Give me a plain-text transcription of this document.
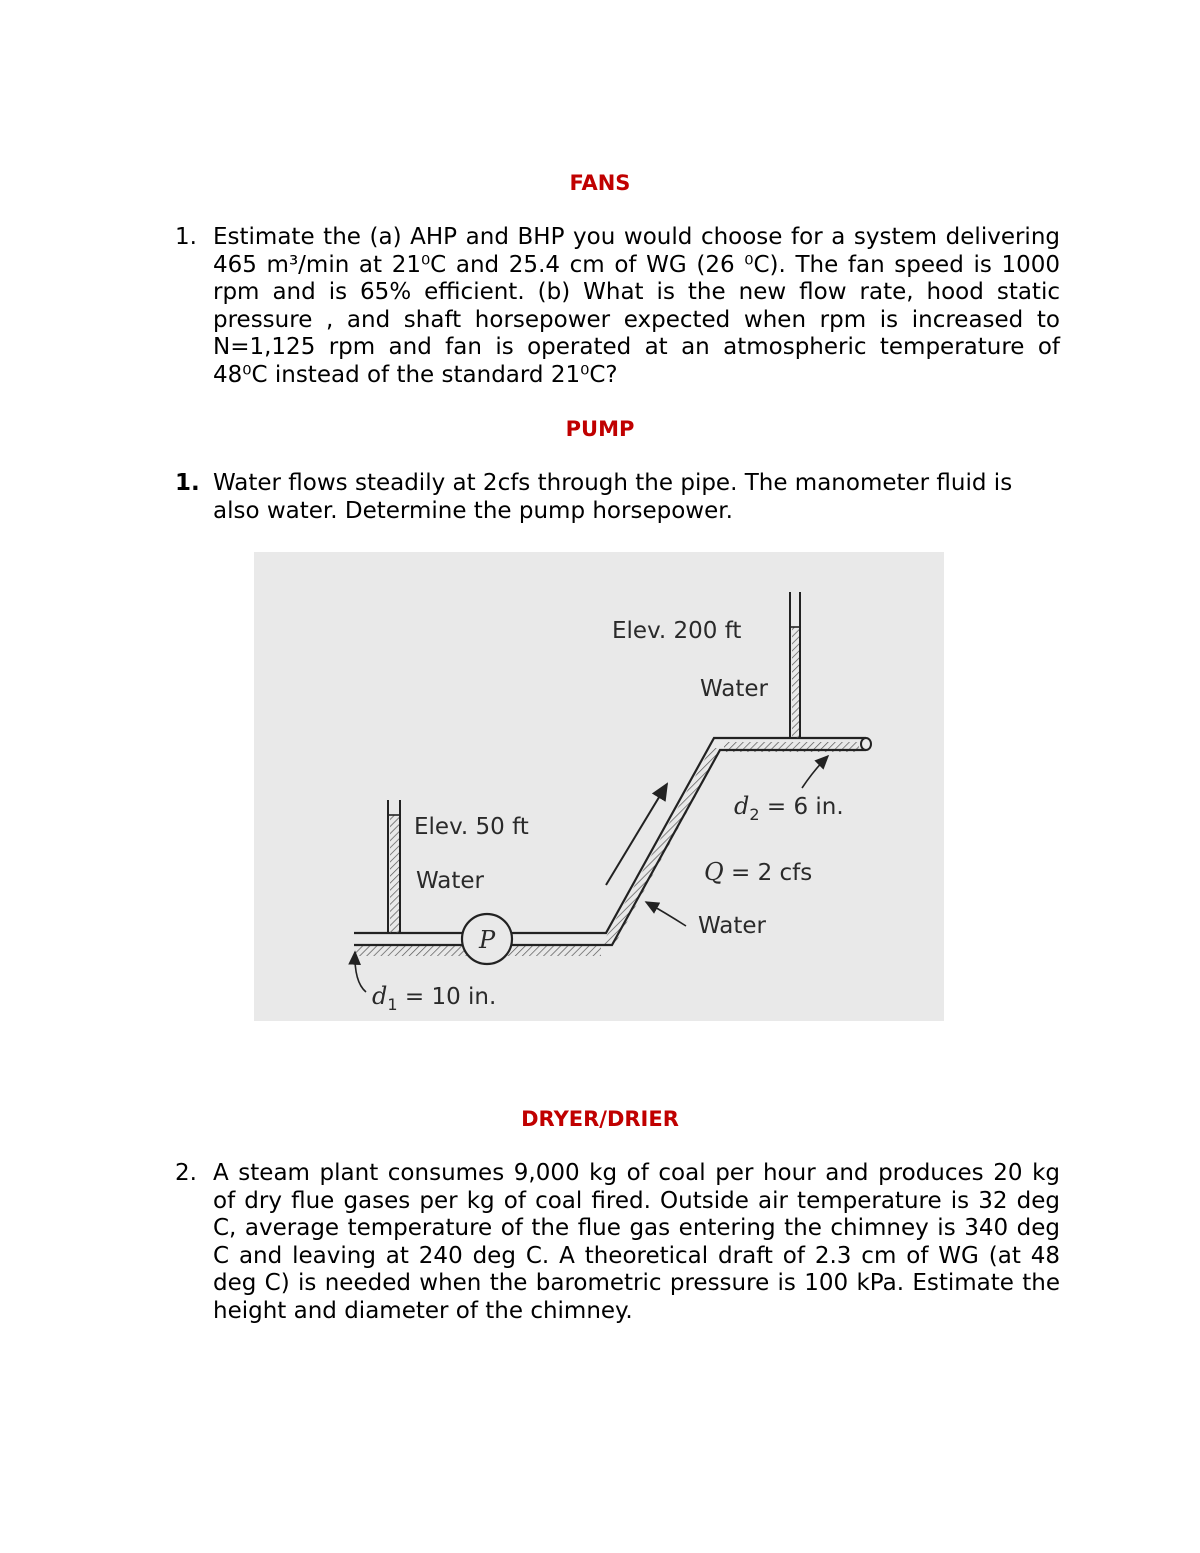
FANS
1. Estimate the (a) AHP and BHP you would choose for a system delivering 465 m³/min at 21⁰C and 25.4 cm of WG (26 ⁰C). The fan speed is 1000 rpm and is 65% efficient. (b) What is the new flow rate, hood static pressure , and shaft horsepower expected when rpm is increased to N=1,125 rpm and fan is operated at an atmospheric temperature of 48⁰C instead of the standard 21⁰C?
PUMP
1. Water flows steadily at 2cfs through the pipe. The manometer fluid is also water. Determine the pump horsepower.
P
Elev. 200 ft
Water
Elev. 50 ft
Water
d2 = 6 in.
Q = 2 cfs
Water
d1 = 10 in.
DRYER/DRIER
2. A steam plant consumes 9,000 kg of coal per hour and produces 20 kg of dry flue gases per kg of coal fired. Outside air temperature is 32 deg C, average temperature of the flue gas entering the chimney is 340 deg C and leaving at 240 deg C. A theoretical draft of 2.3 cm of WG (at 48 deg C) is needed when the barometric pressure is 100 kPa. Estimate the height and diameter of the chimney.
